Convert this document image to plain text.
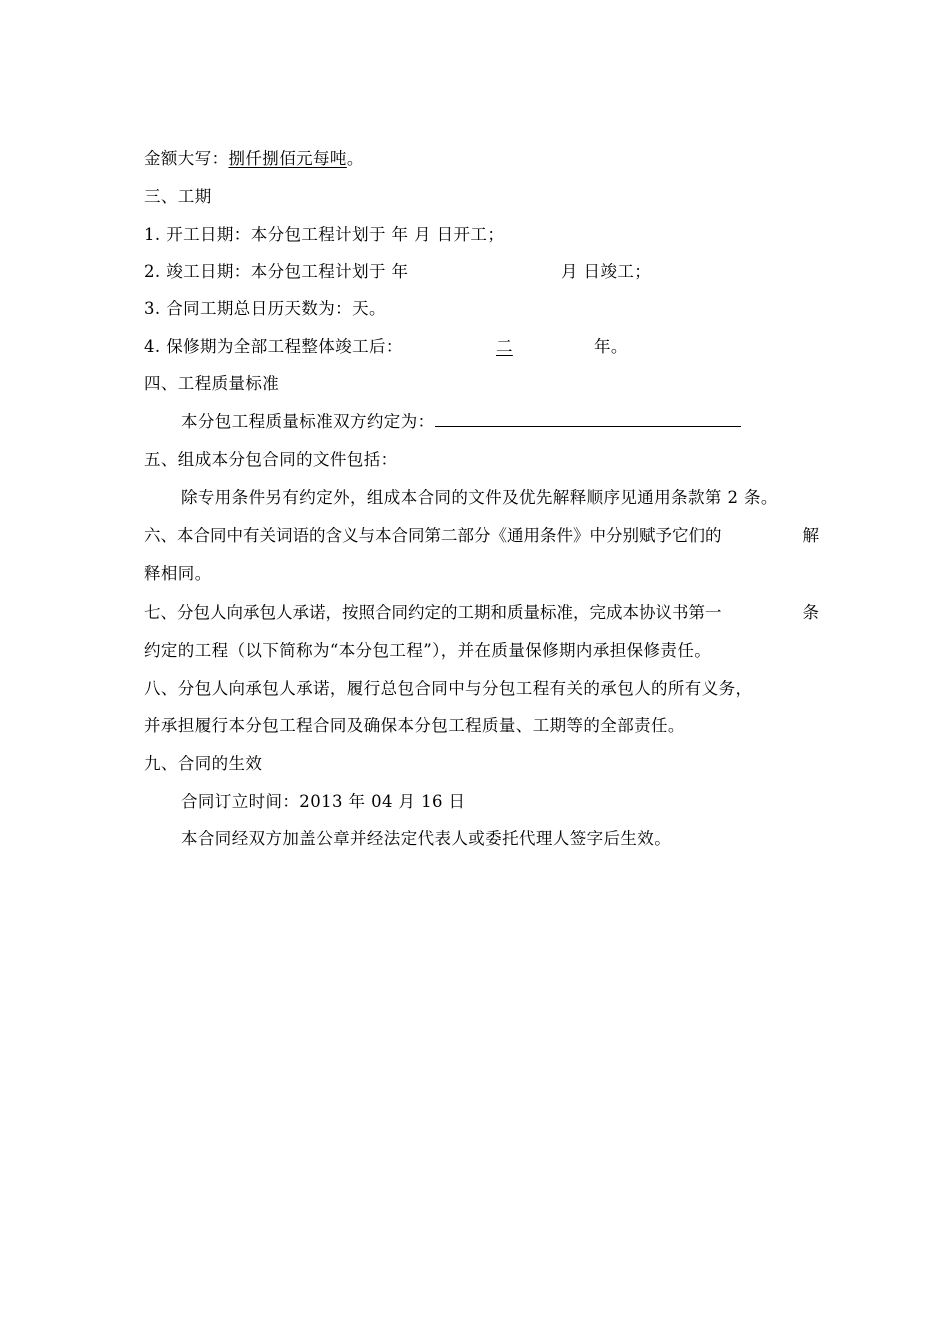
金额大写：捌仟捌佰元每吨。
三、工期
1. 开工日期：本分包工程计划于 年 月 日开工；
2. 竣工日期：本分包工程计划于 年	月 日竣工；
3. 合同工期总日历天数为：天。
4. 保修期为全部工程整体竣工后：	二	年。
四、工程质量标准
本分包工程质量标准双方约定为：
五、组成本分包合同的文件包括：
除专用条件另有约定外，组成本合同的文件及优先解释顺序见通用条款第 2 条。
六、本合同中有关词语的含义与本合同第二部分《通用条件》中分别赋予它们的	解
释相同。
七、分包人向承包人承诺，按照合同约定的工期和质量标准，完成本协议书第一	条
约定的工程（以下简称为“本分包工程”），并在质量保修期内承担保修责任。
八、分包人向承包人承诺，履行总包合同中与分包工程有关的承包人的所有义务，
并承担履行本分包工程合同及确保本分包工程质量、工期等的全部责任。
九、合同的生效
合同订立时间：2013 年 04 月 16 日
本合同经双方加盖公章并经法定代表人或委托代理人签字后生效。
